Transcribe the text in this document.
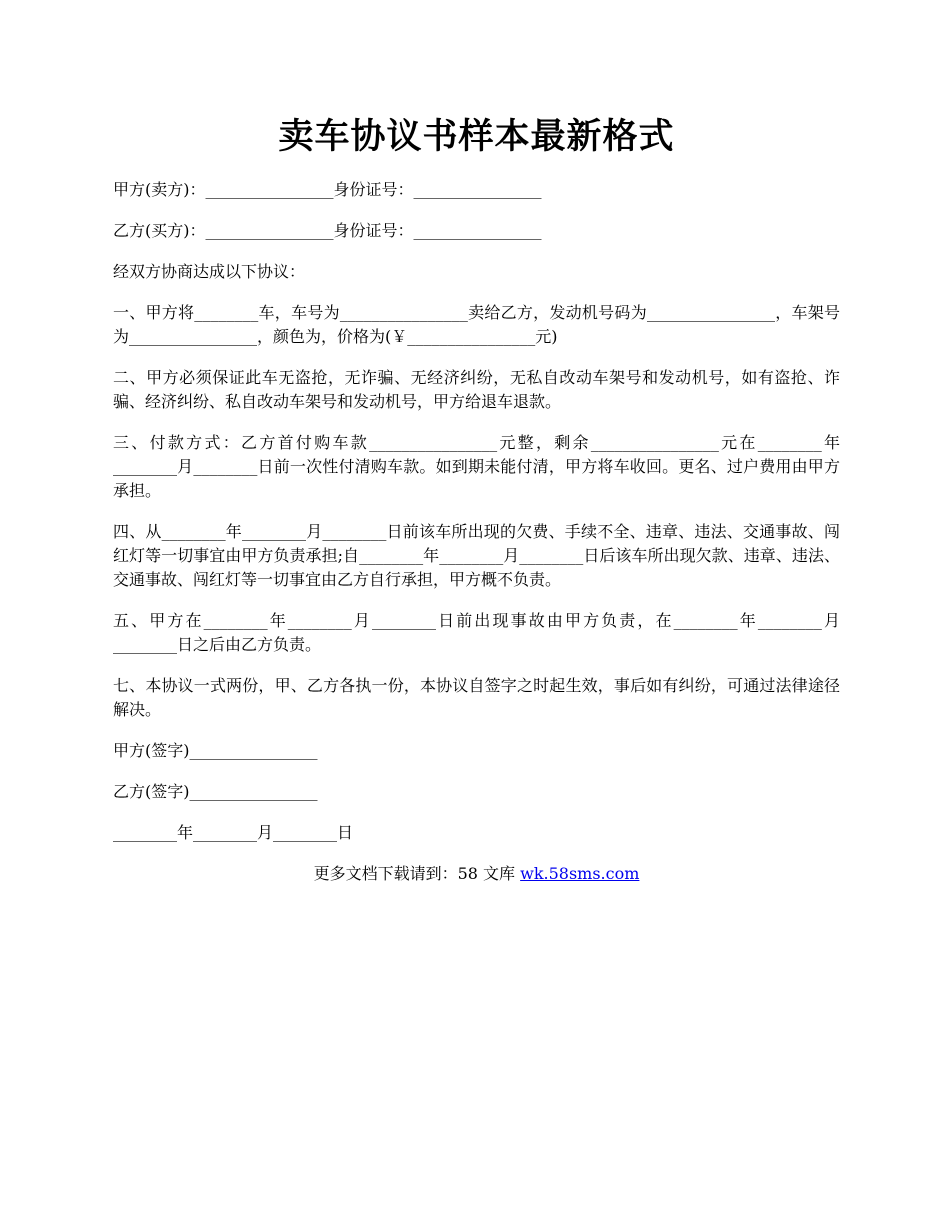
卖车协议书样本最新格式

甲方(卖方)：________________身份证号：________________

乙方(买方)：________________身份证号：________________

经双方协商达成以下协议：

一、甲方将________车，车号为________________卖给乙方，发动机号码为________________，车架号为________________，颜色为，价格为(￥________________元)

二、甲方必须保证此车无盗抢，无诈骗、无经济纠纷，无私自改动车架号和发动机号，如有盗抢、诈骗、经济纠纷、私自改动车架号和发动机号，甲方给退车退款。

三、付款方式：乙方首付购车款________________元整，剩余________________元在________年________月________日前一次性付清购车款。如到期未能付清，甲方将车收回。更名、过户费用由甲方承担。

四、从________年________月________日前该车所出现的欠费、手续不全、违章、违法、交通事故、闯红灯等一切事宜由甲方负责承担;自________年________月________日后该车所出现欠款、违章、违法、交通事故、闯红灯等一切事宜由乙方自行承担，甲方概不负责。

五、甲方在________年________月________日前出现事故由甲方负责，在________年________月________日之后由乙方负责。

七、本协议一式两份，甲、乙方各执一份，本协议自签字之时起生效，事后如有纠纷，可通过法律途径解决。

甲方(签字)________________

乙方(签字)________________

________年________月________日

更多文档下载请到：58 文库 wk.58sms.com
